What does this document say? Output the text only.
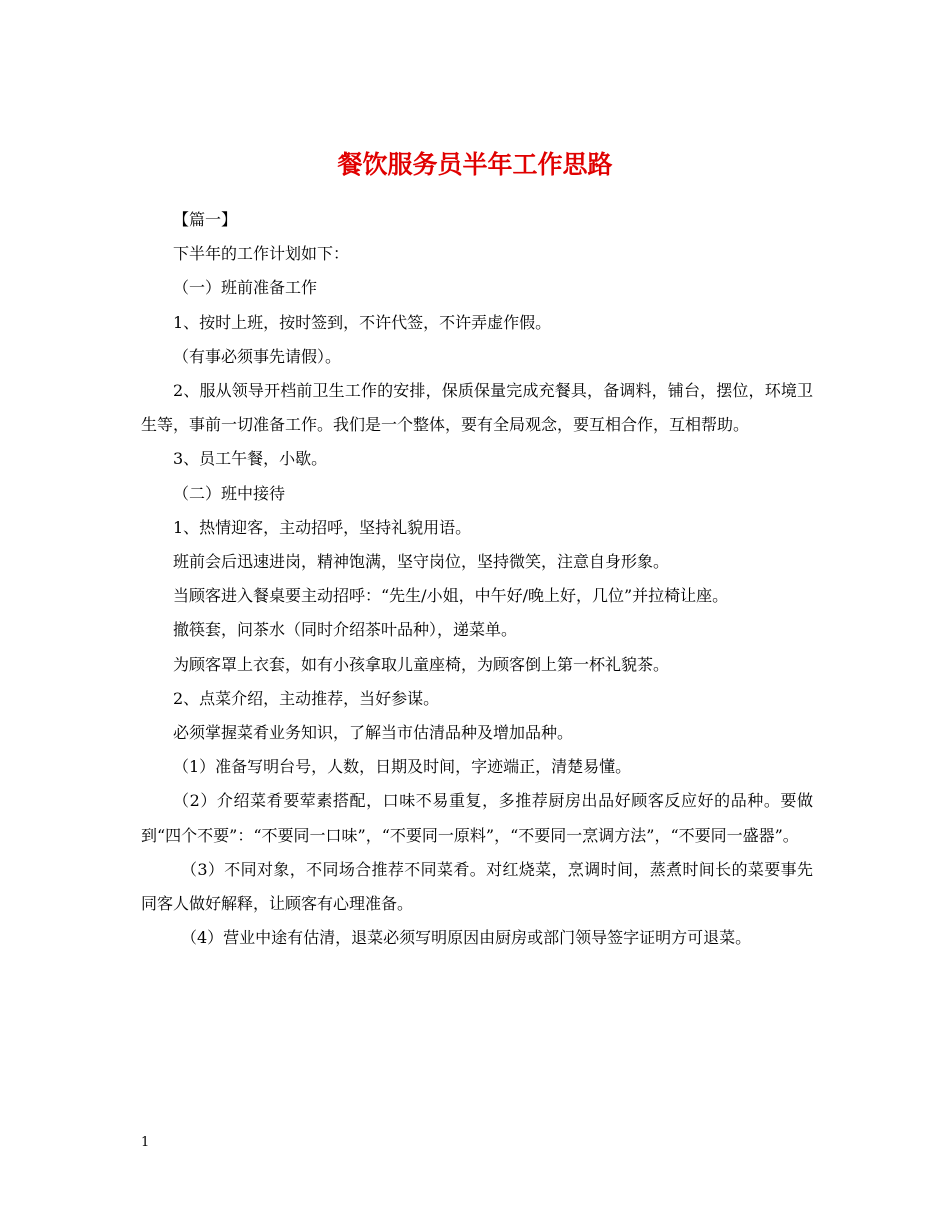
餐饮服务员半年工作思路

【篇一】

下半年的工作计划如下：

（一）班前准备工作

1、按时上班，按时签到，不许代签，不许弄虚作假。

（有事必须事先请假）。

2、服从领导开档前卫生工作的安排，保质保量完成充餐具，备调料，铺台，摆位，环境卫生等，事前一切准备工作。我们是一个整体，要有全局观念，要互相合作，互相帮助。

3、员工午餐，小歇。

（二）班中接待

1、热情迎客，主动招呼，坚持礼貌用语。

班前会后迅速进岗，精神饱满，坚守岗位，坚持微笑，注意自身形象。

当顾客进入餐桌要主动招呼：“先生/小姐，中午好/晚上好，几位”并拉椅让座。

撤筷套，问茶水（同时介绍茶叶品种），递菜单。

为顾客罩上衣套，如有小孩拿取儿童座椅，为顾客倒上第一杯礼貌茶。

2、点菜介绍，主动推荐，当好参谋。

必须掌握菜肴业务知识，了解当市估清品种及增加品种。

（1）准备写明台号，人数，日期及时间，字迹端正，清楚易懂。

（2）介绍菜肴要荤素搭配，口味不易重复，多推荐厨房出品好顾客反应好的品种。要做到“四个不要”：“不要同一口味”，“不要同一原料”，“不要同一烹调方法”，“不要同一盛器”。

（3）不同对象，不同场合推荐不同菜肴。对红烧菜，烹调时间，蒸煮时间长的菜要事先同客人做好解释，让顾客有心理准备。

（4）营业中途有估清，退菜必须写明原因由厨房或部门领导签字证明方可退菜。

1
